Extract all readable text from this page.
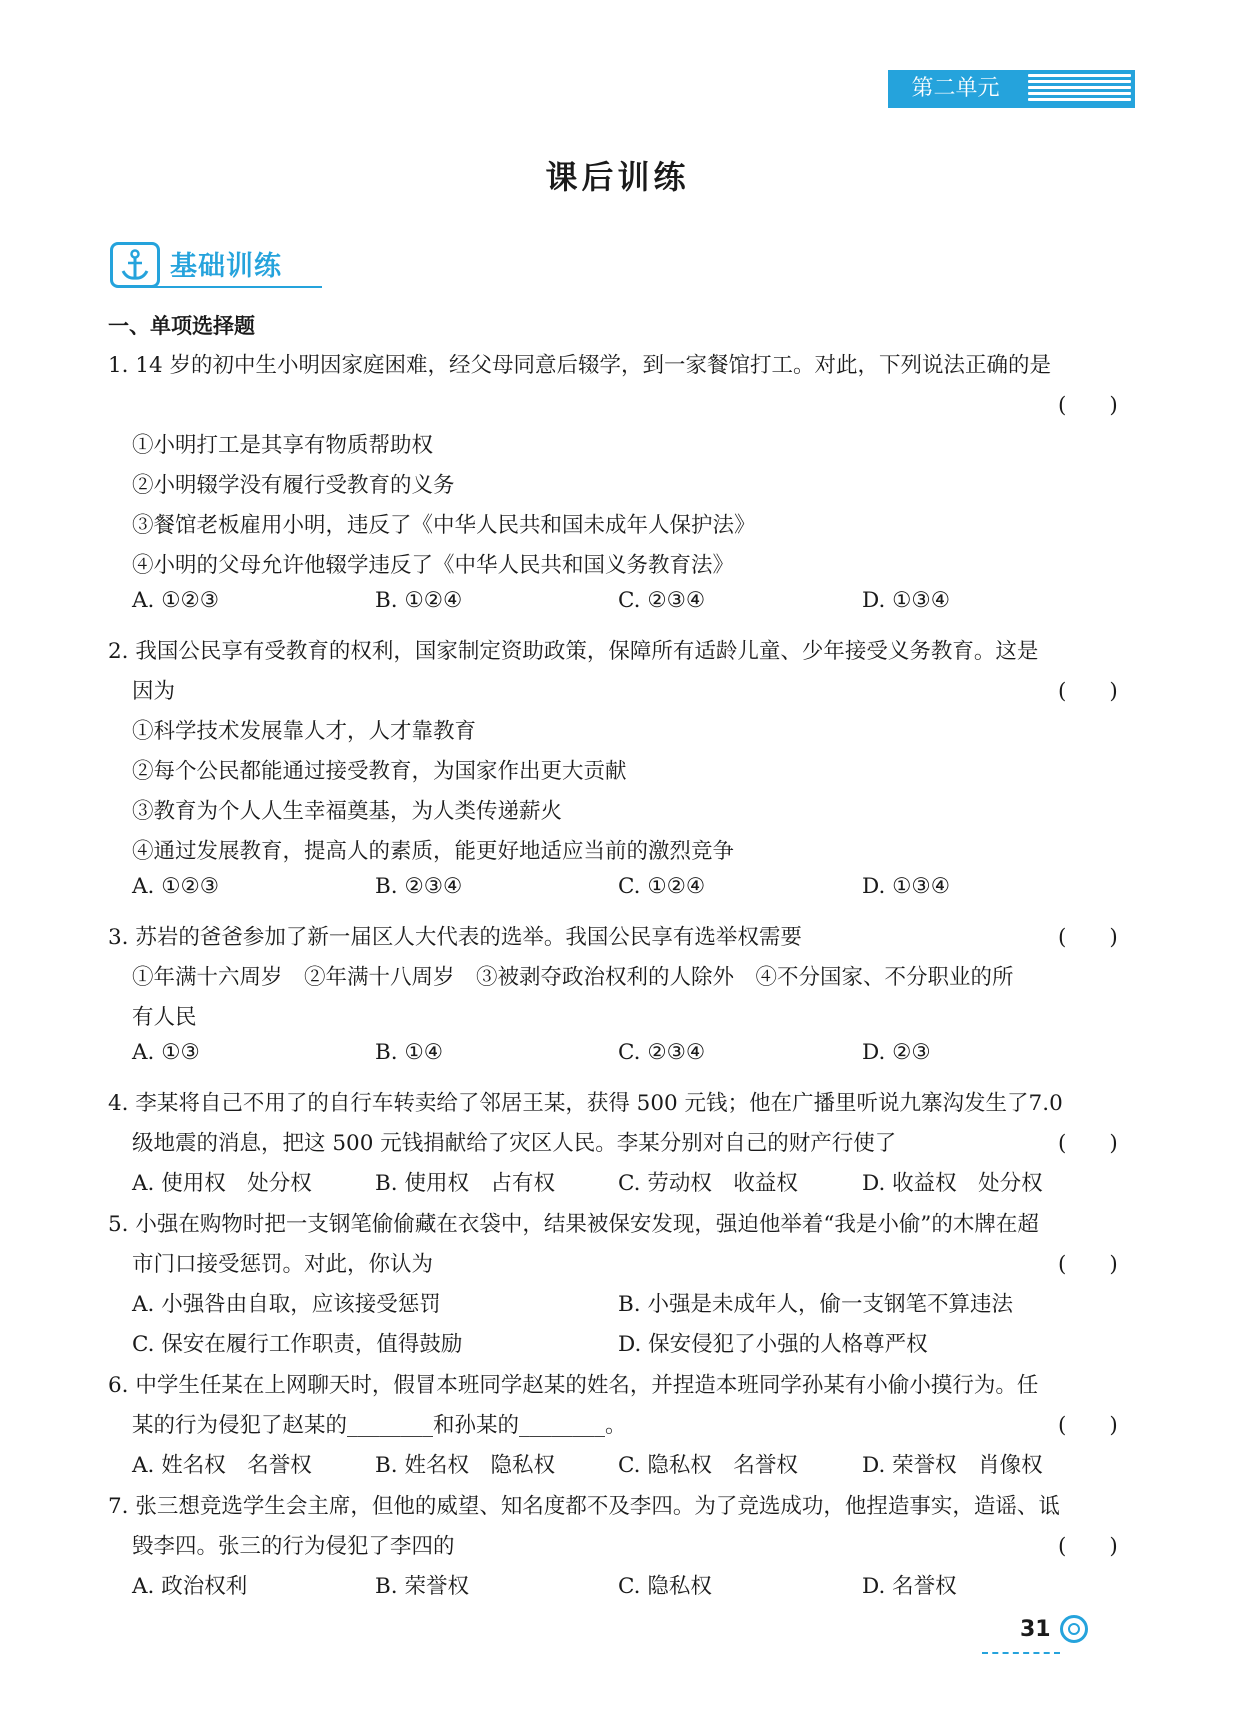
第二单元
课后训练
基础训练
一、单项选择题
1. 14 岁的初中生小明因家庭困难，经父母同意后辍学，到一家餐馆打工。对此，下列说法正确的是
(　　)
①小明打工是其享有物质帮助权
②小明辍学没有履行受教育的义务
③餐馆老板雇用小明，违反了《中华人民共和国未成年人保护法》
④小明的父母允许他辍学违反了《中华人民共和国义务教育法》
A. ①②③	B. ①②④	C. ②③④	D. ①③④
2. 我国公民享有受教育的权利，国家制定资助政策，保障所有适龄儿童、少年接受义务教育。这是
因为	(　　)
①科学技术发展靠人才，人才靠教育
②每个公民都能通过接受教育，为国家作出更大贡献
③教育为个人人生幸福奠基，为人类传递薪火
④通过发展教育，提高人的素质，能更好地适应当前的激烈竞争
A. ①②③	B. ②③④	C. ①②④	D. ①③④
3. 苏岩的爸爸参加了新一届区人大代表的选举。我国公民享有选举权需要	(　　)
①年满十六周岁　②年满十八周岁　③被剥夺政治权利的人除外　④不分国家、不分职业的所
有人民
A. ①③	B. ①④	C. ②③④	D. ②③
4. 李某将自己不用了的自行车转卖给了邻居王某，获得 500 元钱；他在广播里听说九寨沟发生了7.0
级地震的消息，把这 500 元钱捐献给了灾区人民。李某分别对自己的财产行使了	(　　)
A. 使用权　处分权	B. 使用权　占有权	C. 劳动权　收益权	D. 收益权　处分权
5. 小强在购物时把一支钢笔偷偷藏在衣袋中，结果被保安发现，强迫他举着“我是小偷”的木牌在超
市门口接受惩罚。对此，你认为	(　　)
A. 小强咎由自取，应该接受惩罚	B. 小强是未成年人，偷一支钢笔不算违法
C. 保安在履行工作职责，值得鼓励	D. 保安侵犯了小强的人格尊严权
6. 中学生任某在上网聊天时，假冒本班同学赵某的姓名，并捏造本班同学孙某有小偷小摸行为。任
某的行为侵犯了赵某的________和孙某的________。	(　　)
A. 姓名权　名誉权	B. 姓名权　隐私权	C. 隐私权　名誉权	D. 荣誉权　肖像权
7. 张三想竞选学生会主席，但他的威望、知名度都不及李四。为了竞选成功，他捏造事实，造谣、诋
毁李四。张三的行为侵犯了李四的	(　　)
A. 政治权利	B. 荣誉权	C. 隐私权	D. 名誉权
31
